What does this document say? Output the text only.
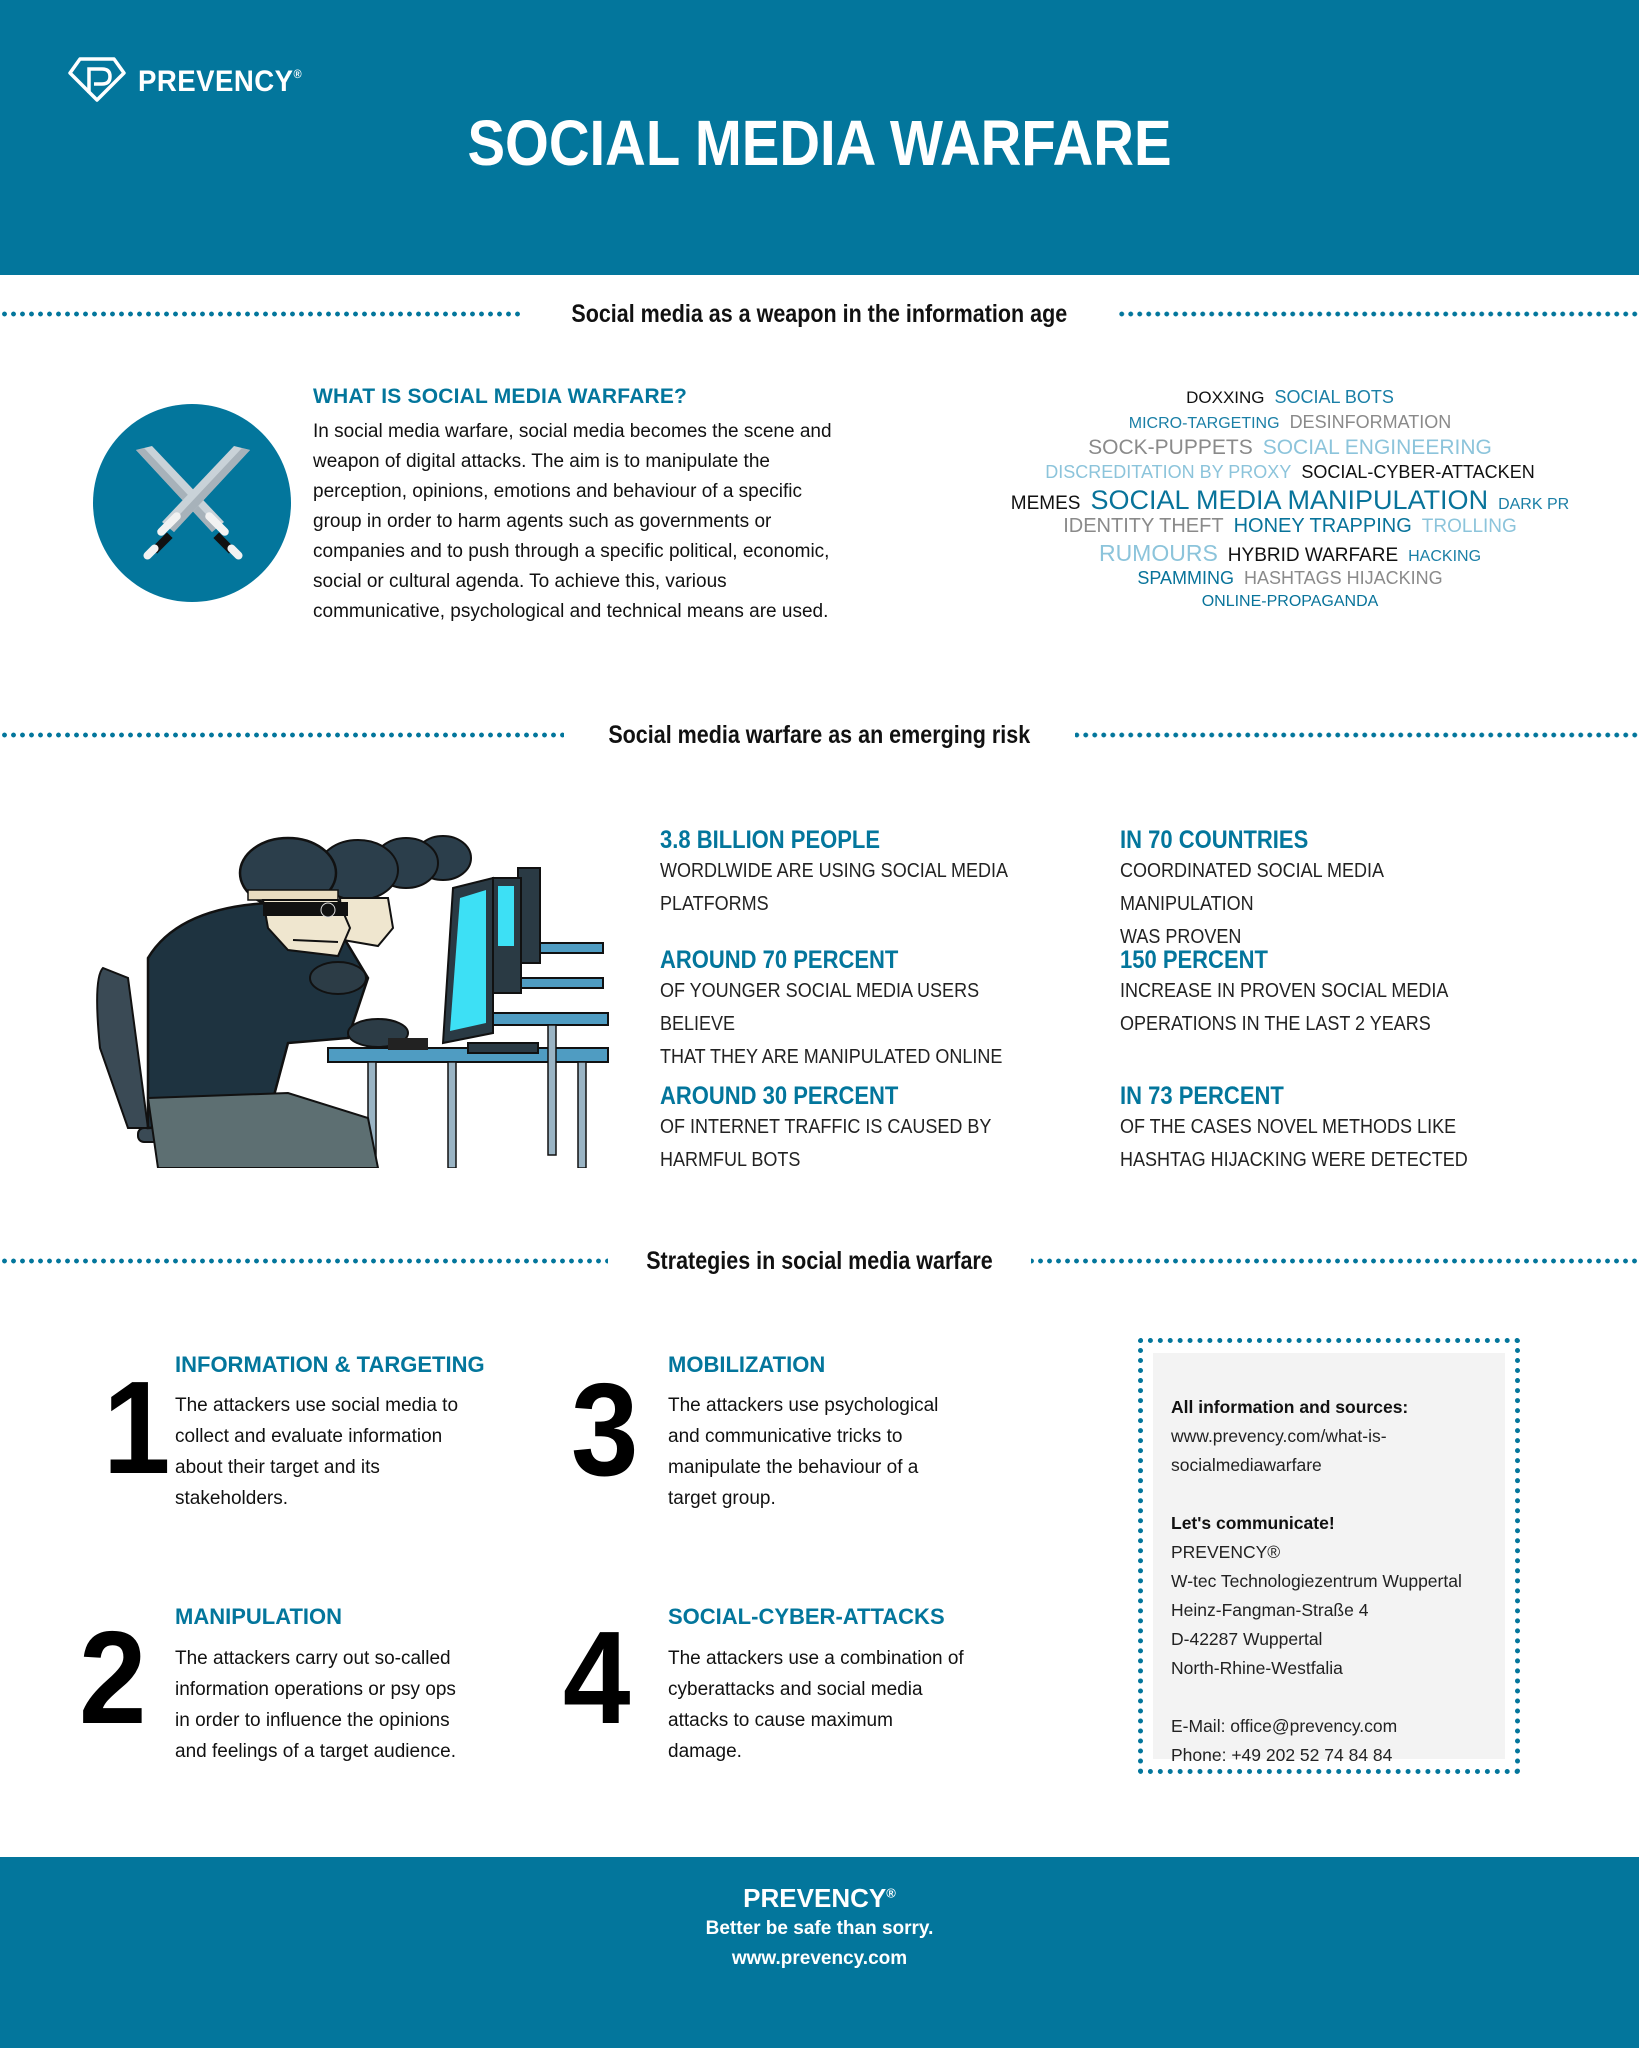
PREVENCY®
SOCIAL MEDIA WARFARE
Social media as a weapon in the information age
WHAT IS SOCIAL MEDIA WARFARE?
In social media warfare, social media becomes the scene and
weapon of digital attacks. The aim is to manipulate the
perception, opinions, emotions and behaviour of a specific
group in order to harm agents such as governments or
companies and to push through a specific political, economic,
social or cultural agenda. To achieve this, various
communicative, psychological and technical means are used.
DOXXING SOCIAL BOTS
MICRO-TARGETING DESINFORMATION
SOCK-PUPPETS SOCIAL ENGINEERING
DISCREDITATION BY PROXY SOCIAL-CYBER-ATTACKEN
MEMES SOCIAL MEDIA MANIPULATION DARK PR
IDENTITY THEFT HONEY TRAPPING TROLLING
RUMOURS HYBRID WARFARE HACKING
SPAMMING HASHTAGS HIJACKING
ONLINE-PROPAGANDA
Social media warfare as an emerging risk
3.8 BILLION PEOPLE
WORDLWIDE ARE USING SOCIAL MEDIA
PLATFORMS
IN 70 COUNTRIES
COORDINATED SOCIAL MEDIA MANIPULATION
WAS PROVEN
AROUND 70 PERCENT
OF YOUNGER SOCIAL MEDIA USERS BELIEVE
THAT THEY ARE MANIPULATED ONLINE
150 PERCENT
INCREASE IN PROVEN SOCIAL MEDIA
OPERATIONS IN THE LAST 2 YEARS
AROUND 30 PERCENT
OF INTERNET TRAFFIC IS CAUSED BY
HARMFUL BOTS
IN 73 PERCENT
OF THE CASES NOVEL METHODS LIKE
HASHTAG HIJACKING WERE DETECTED
Strategies in social media warfare
1 INFORMATION & TARGETING
The attackers use social media to
collect and evaluate information
about their target and its
stakeholders.
2 MANIPULATION
The attackers carry out so-called
information operations or psy ops
in order to influence the opinions
and feelings of a target audience.
3 MOBILIZATION
The attackers use psychological
and communicative tricks to
manipulate the behaviour of a
target group.
4 SOCIAL-CYBER-ATTACKS
The attackers use a combination of
cyberattacks and social media
attacks to cause maximum
damage.
All information and sources:
www.prevency.com/what-is-
socialmediawarfare
Let's communicate!
PREVENCY®
W-tec Technologiezentrum Wuppertal
Heinz-Fangman-Straße 4
D-42287 Wuppertal
North-Rhine-Westfalia
E-Mail: office@prevency.com
Phone: +49 202 52 74 84 84
PREVENCY®
Better be safe than sorry.
www.prevency.com
